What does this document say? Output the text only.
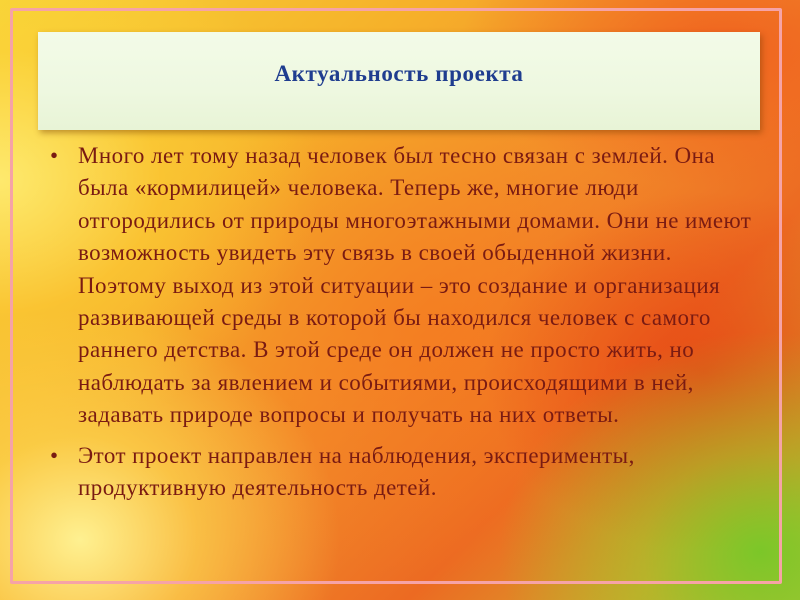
Актуальность проекта
• Много лет тому назад человек был тесно связан с землей. Она была «кормилицей» человека. Теперь же, многие люди отгородились от природы многоэтажными домами. Они не имеют возможность увидеть эту связь в своей обыденной жизни. Поэтому выход из этой ситуации – это создание и организация развивающей среды в которой бы находился человек с самого раннего детства. В этой среде он должен не просто жить, но наблюдать за явлением и событиями, происходящими в ней, задавать природе вопросы и получать на них ответы.
• Этот проект направлен на наблюдения, эксперименты, продуктивную деятельность детей.
